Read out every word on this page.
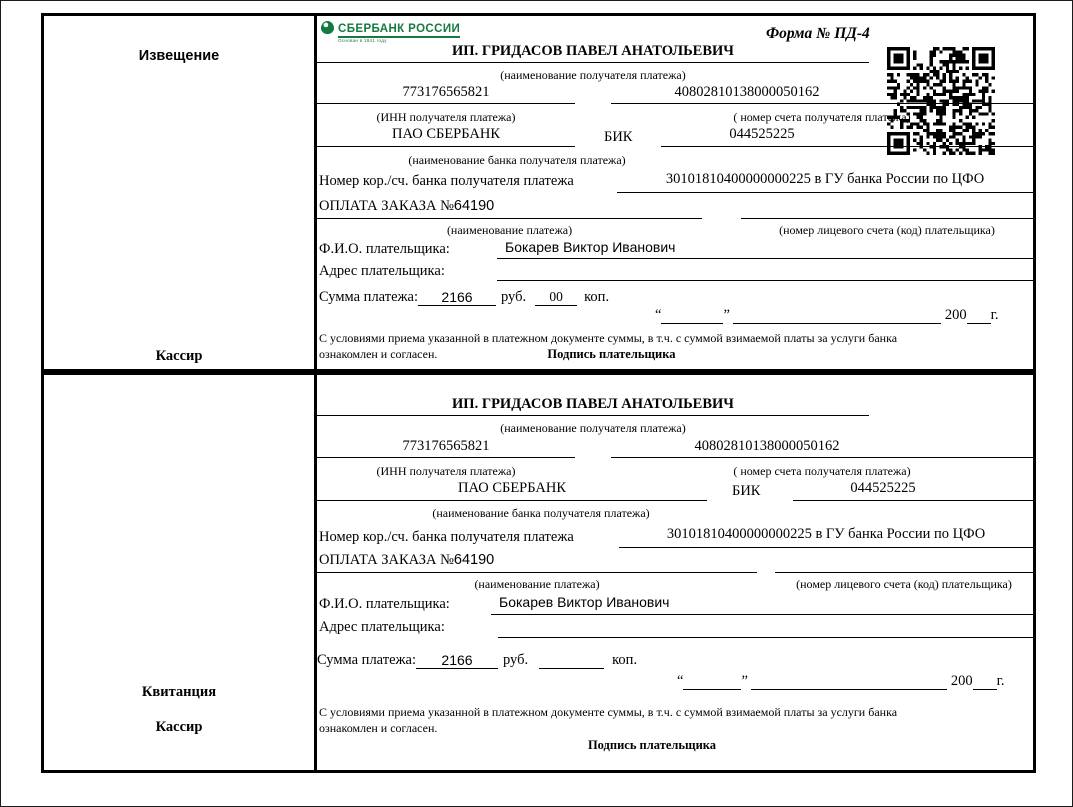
Извещение
Кассир
СБЕРБАНК РОССИИ
Основан в 1841 году	Форма № ПД-4
ИП. ГРИДАСОВ ПАВЕЛ АНАТОЛЬЕВИЧ
(наименование получателя платежа)
773176565821	40802810138000050162
(ИНН получателя платежа)	( номер счета получателя платежа)
ПАО СБЕРБАНК	БИК	044525225
(наименование банка получателя платежа)
Номер кор./сч. банка получателя платежа	30101810400000000225 в ГУ банка России по ЦФО
ОПЛАТА ЗАКАЗА №64190
(наименование платежа)	(номер лицевого счета (код) плательщика)
Ф.И.О. плательщика:	Бокарев Виктор Иванович
Адрес плательщика:
Сумма платежа:	2166	руб.	00	коп.
“	”	200 г.
С условиями приема указанной в платежном документе суммы, в т.ч. с суммой взимаемой платы за услуги банка
ознакомлен и согласен.	Подпись плательщика
Квитанция
Кассир
ИП. ГРИДАСОВ ПАВЕЛ АНАТОЛЬЕВИЧ
(наименование получателя платежа)
773176565821	40802810138000050162
(ИНН получателя платежа)	( номер счета получателя платежа)
ПАО СБЕРБАНК	БИК	044525225
(наименование банка получателя платежа)
Номер кор./сч. банка получателя платежа	30101810400000000225 в ГУ банка России по ЦФО
ОПЛАТА ЗАКАЗА №64190
(наименование платежа)	(номер лицевого счета (код) плательщика)
Ф.И.О. плательщика:	Бокарев Виктор Иванович
Адрес плательщика:
Сумма платежа:	2166	руб.	коп.
“	”	200 г.
С условиями приема указанной в платежном документе суммы, в т.ч. с суммой взимаемой платы за услуги банка
ознакомлен и согласен.
Подпись плательщика
